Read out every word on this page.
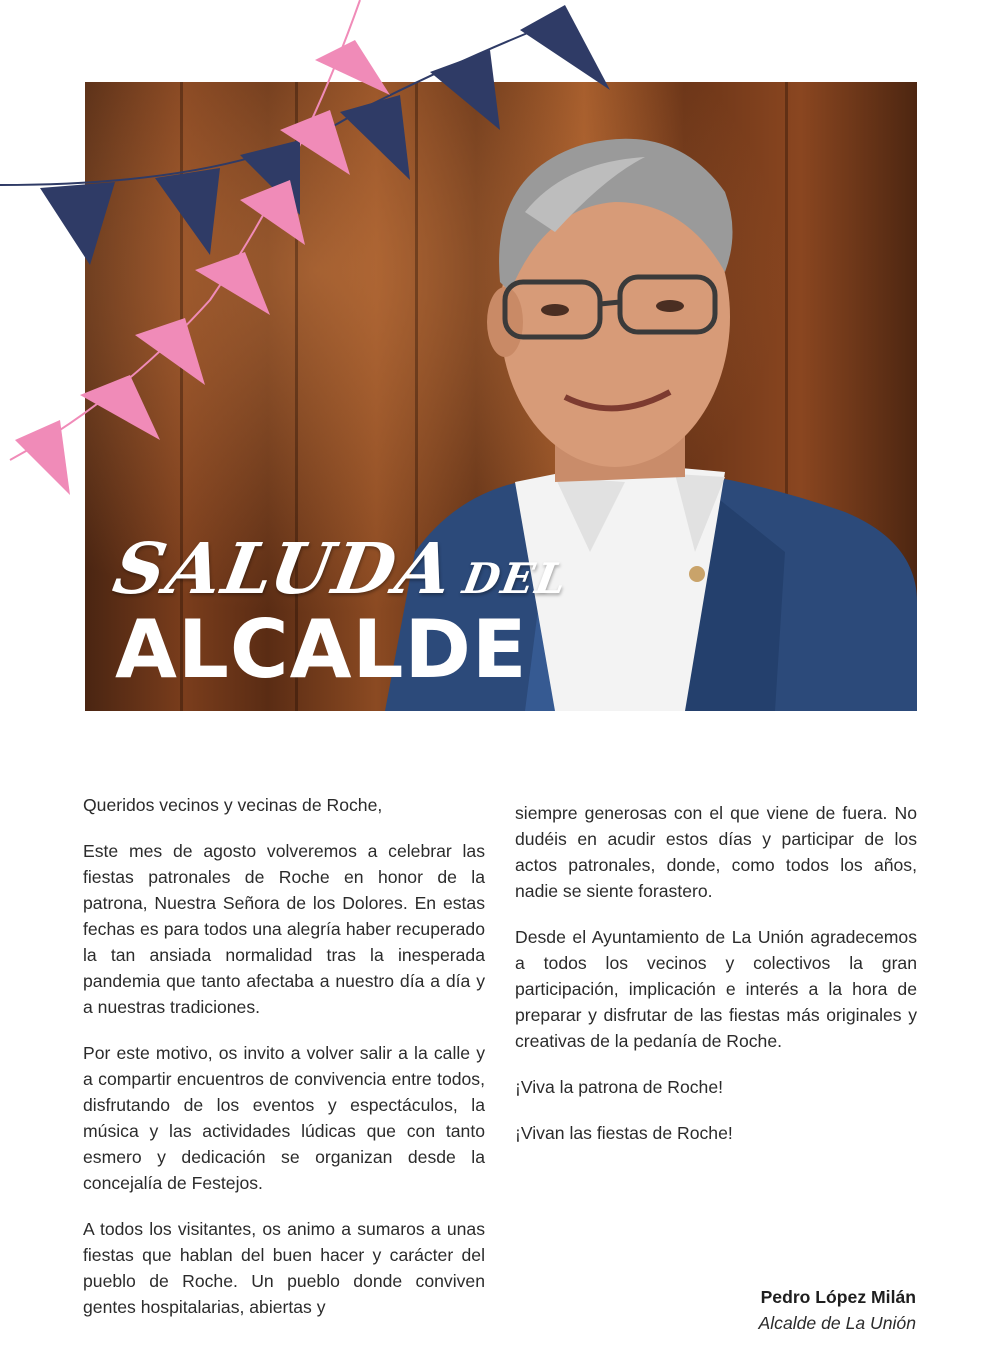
SALUDADEL
ALCALDE

Queridos vecinos y vecinas de Roche,

Este mes de agosto volveremos a celebrar las fiestas patronales de Roche en honor de la patrona, Nuestra Señora de los Dolores. En estas fechas es para todos una alegría haber recuperado la tan ansiada normalidad tras la inesperada pandemia que tanto afectaba a nuestro día a día y a nuestras tradiciones.

Por este motivo, os invito a volver salir a la calle y a compartir encuentros de convivencia entre todos, disfrutando de los eventos y espectáculos, la música y las actividades lúdicas que con tanto esmero y dedicación se organizan desde la concejalía de Festejos.

A todos los visitantes, os animo a sumaros a unas fiestas que hablan del buen hacer y carácter del pueblo de Roche. Un pueblo donde conviven gentes hospitalarias, abiertas y

siempre generosas con el que viene de fuera. No dudéis en acudir estos días y participar de los actos patronales, donde, como todos los años, nadie se siente forastero.

Desde el Ayuntamiento de La Unión agradecemos a todos los vecinos y colectivos la gran participación, implicación e interés a la hora de preparar y disfrutar de las fiestas más originales y creativas de la pedanía de Roche.

¡Viva la patrona de Roche!

¡Vivan las fiestas de Roche!

Pedro López Milán
Alcalde de La Unión
